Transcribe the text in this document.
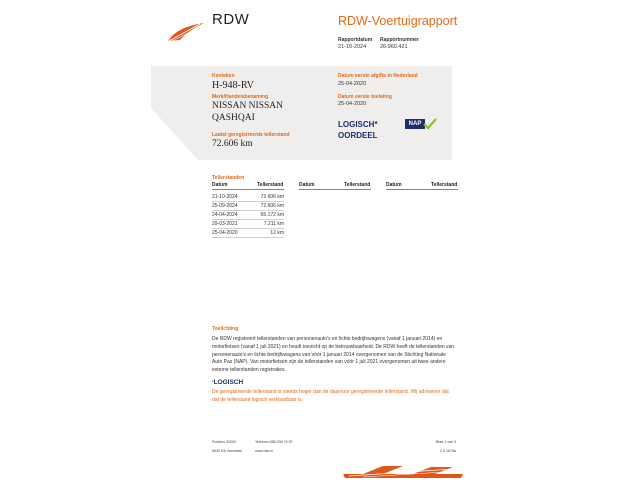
RDW	RDW-Voertuigrapport
Rapportdatum
21-10-2024
Rapportnummer
26.960.421
Kenteken
H-948-RV
Merk/Handelsbenaming
NISSAN NISSAN
QASHQAI
Laatst geregistreerde tellerstand
72.606 km
Datum eerste afgifte in Nederland
25-04-2020
Datum eerste toelating
25-04-2020
LOGISCH*
OORDEEL
NAP
Tellerstanden
Datum	Tellerstand	Datum	Tellerstand	Datum	Tellerstand
21-10-2024	72.606 km
25-09-2024	72.606 km
24-04-2024	65.172 km
29-03-2021	7.211 km
25-04-2020	12 km
Toelichting
De RDW registreert tellerstanden van personenauto's en lichte bedrijfswagens (vanaf 1 januari 2014) en motorfietsen (vanaf 1 juli 2021) en houdt toezicht op de betrouwbaarheid. De RDW heeft de tellerstanden van personenauto's en lichte bedrijfswagens van vóór 1 januari 2014 overgenomen van de Stichting Nationale Auto Pas (NAP). Van motorfietsen zijn de tellerstanden van vóór 1 juli 2021 overgenomen uit twee andere externe tellerstanden registraties.
*LOGISCH
De geregistreerde tellerstand is steeds hoger dan de daarvoor geregistreerde tellerstand. Wij adviseren dat dat de tellerstand logisch verklaarbaar is.
Postbus 30000
9640 RA Veendam
Telefoon 088 008 74 87
www.rdw.nl
Blad 1 van 3
2.0 1675a
